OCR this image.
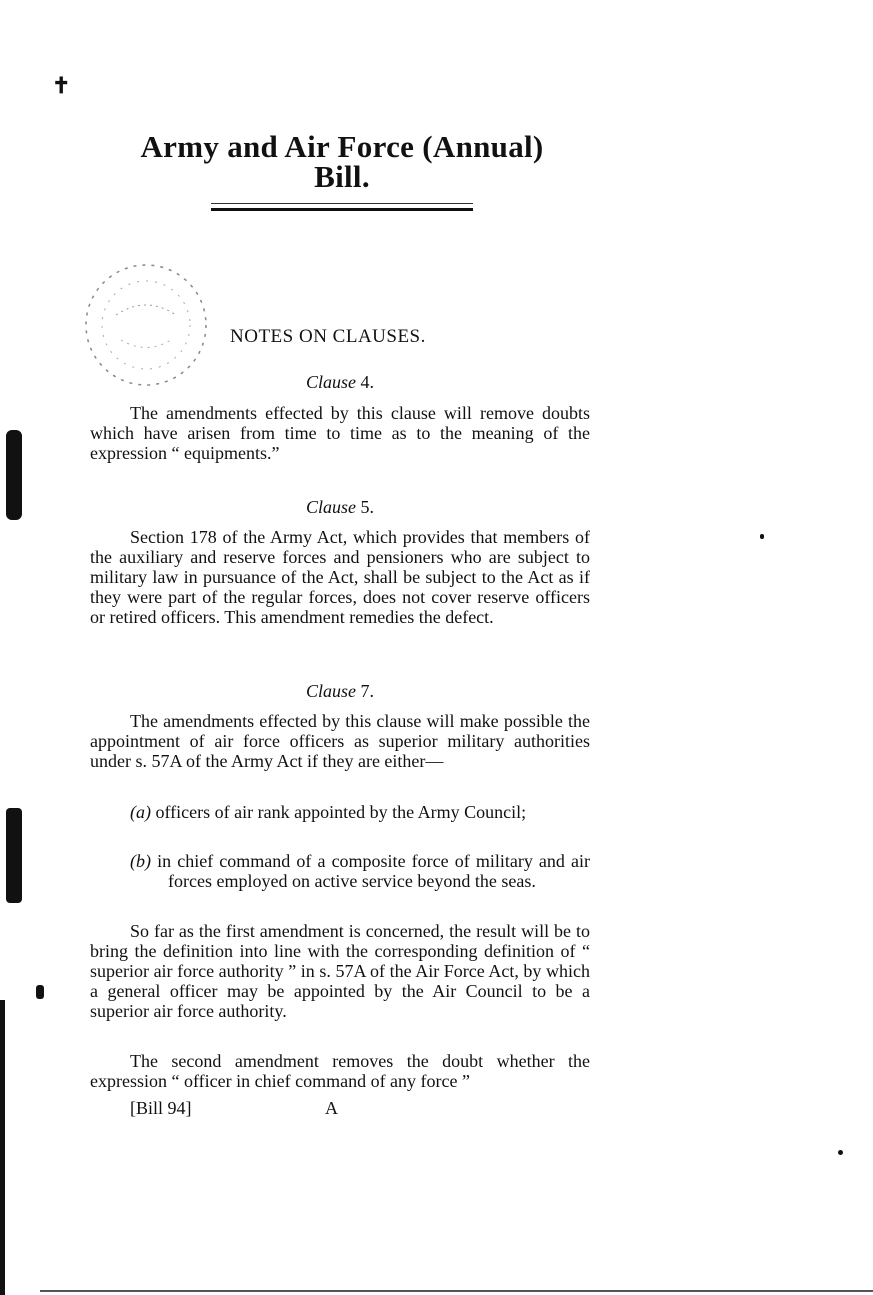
✝
Army and Air Force (Annual)
Bill.
NOTES ON CLAUSES.
Clause 4.
The amendments effected by this clause will remove doubts which have arisen from time to time as to the meaning of the expression “ equipments.”
Clause 5.
Section 178 of the Army Act, which provides that members of the auxiliary and reserve forces and pensioners who are subject to military law in pursuance of the Act, shall be subject to the Act as if they were part of the regular forces, does not cover reserve officers or retired officers. This amendment remedies the defect.
Clause 7.
The amendments effected by this clause will make possible the appointment of air force officers as superior military authorities under s. 57A of the Army Act if they are either—
(a) officers of air rank appointed by the Army Council;
(b) in chief command of a composite force of military and air forces employed on active service beyond the seas.
So far as the first amendment is concerned, the result will be to bring the definition into line with the corresponding definition of “ superior air force authority ” in s. 57A of the Air Force Act, by which a general officer may be appointed by the Air Council to be a superior air force authority.
The second amendment removes the doubt whether the expression “ officer in chief command of any force ”
[Bill 94]	A
